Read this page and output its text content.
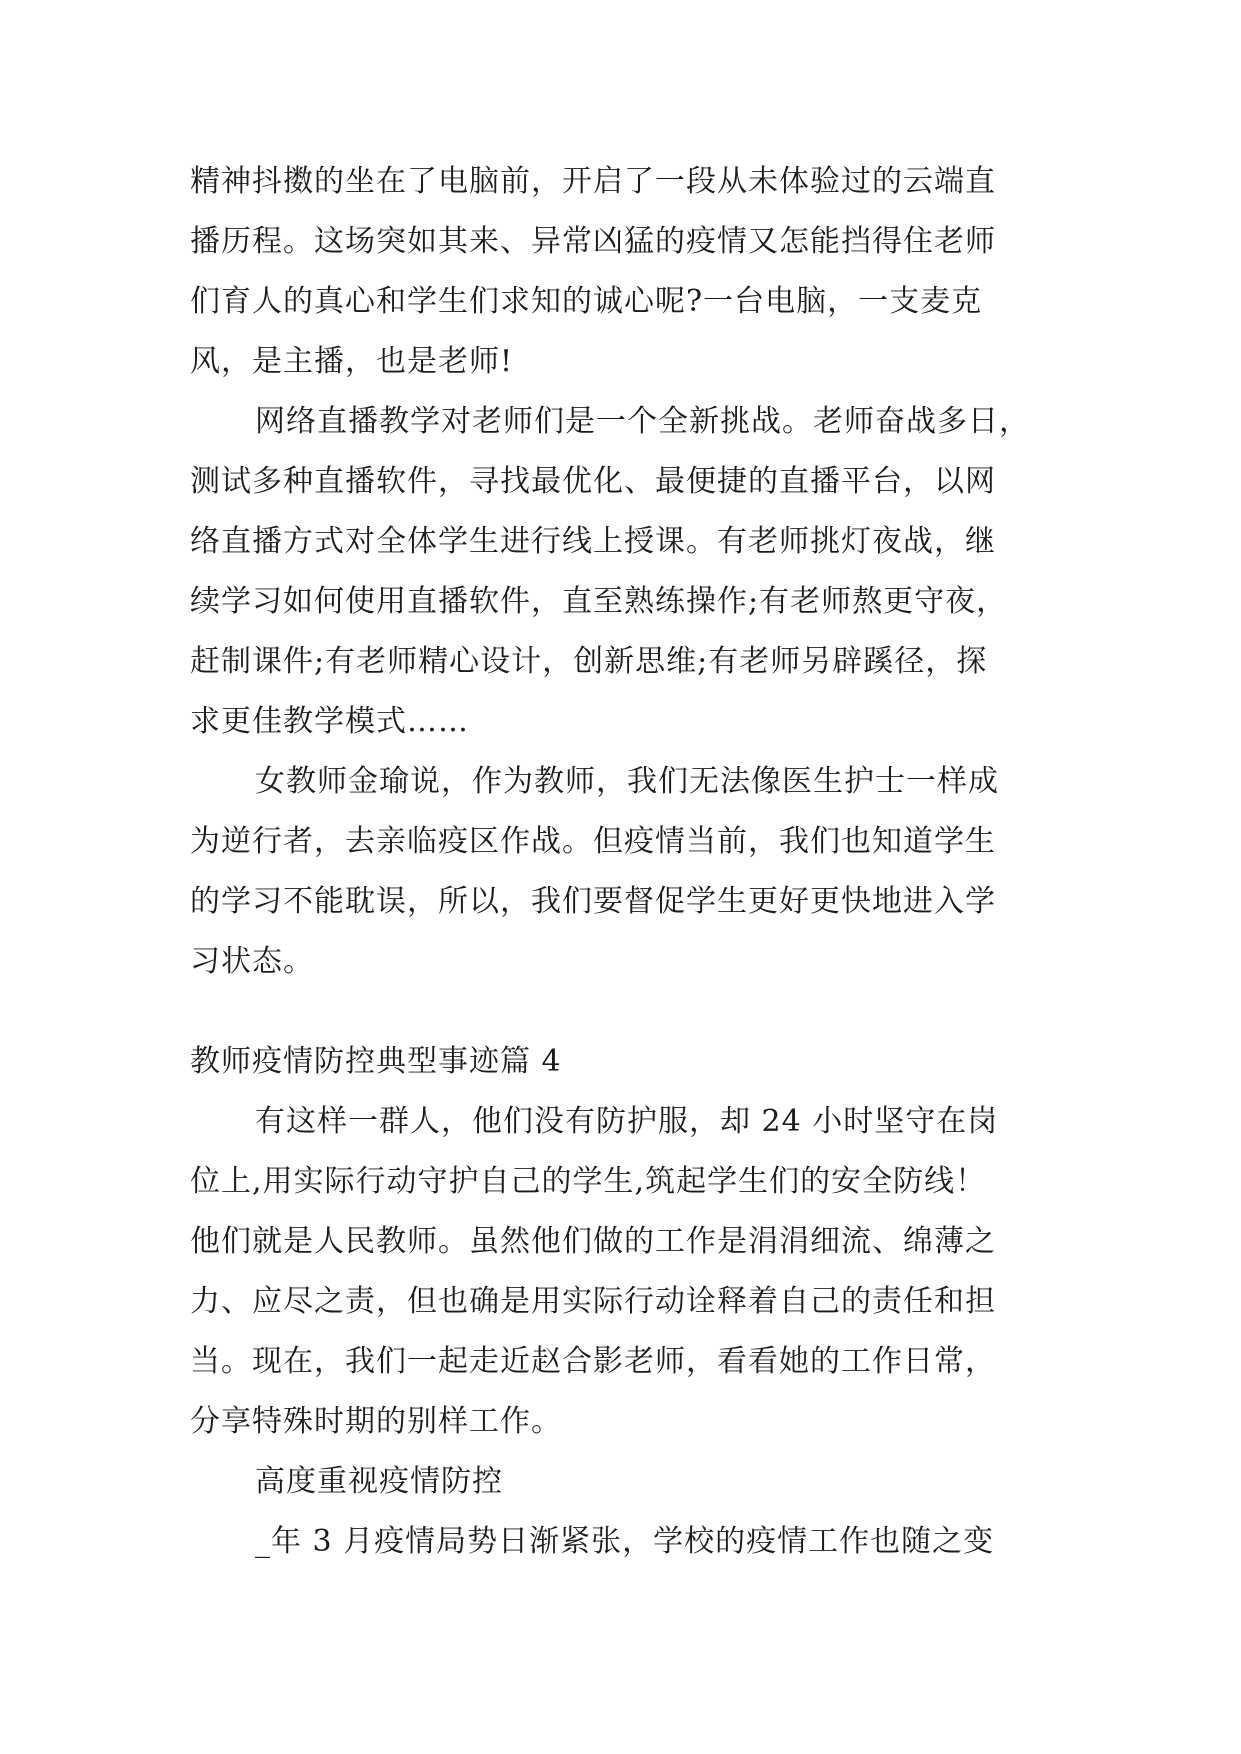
精神抖擞的坐在了电脑前，开启了一段从未体验过的云端直
播历程。这场突如其来、异常凶猛的疫情又怎能挡得住老师
们育人的真心和学生们求知的诚心呢?一台电脑，一支麦克
风，是主播，也是老师!
网络直播教学对老师们是一个全新挑战。老师奋战多日，
测试多种直播软件，寻找最优化、最便捷的直播平台，以网
络直播方式对全体学生进行线上授课。有老师挑灯夜战，继
续学习如何使用直播软件，直至熟练操作;有老师熬更守夜，
赶制课件;有老师精心设计，创新思维;有老师另辟蹊径，探
求更佳教学模式……
女教师金瑜说，作为教师，我们无法像医生护士一样成
为逆行者，去亲临疫区作战。但疫情当前，我们也知道学生
的学习不能耽误，所以，我们要督促学生更好更快地进入学
习状态。
教师疫情防控典型事迹篇 4
有这样一群人，他们没有防护服，却 24 小时坚守在岗
位上,用实际行动守护自己的学生,筑起学生们的安全防线！
他们就是人民教师。虽然他们做的工作是涓涓细流、绵薄之
力、应尽之责，但也确是用实际行动诠释着自己的责任和担
当。现在，我们一起走近赵合影老师，看看她的工作日常，
分享特殊时期的别样工作。
高度重视疫情防控
_年 3 月疫情局势日渐紧张，学校的疫情工作也随之变
